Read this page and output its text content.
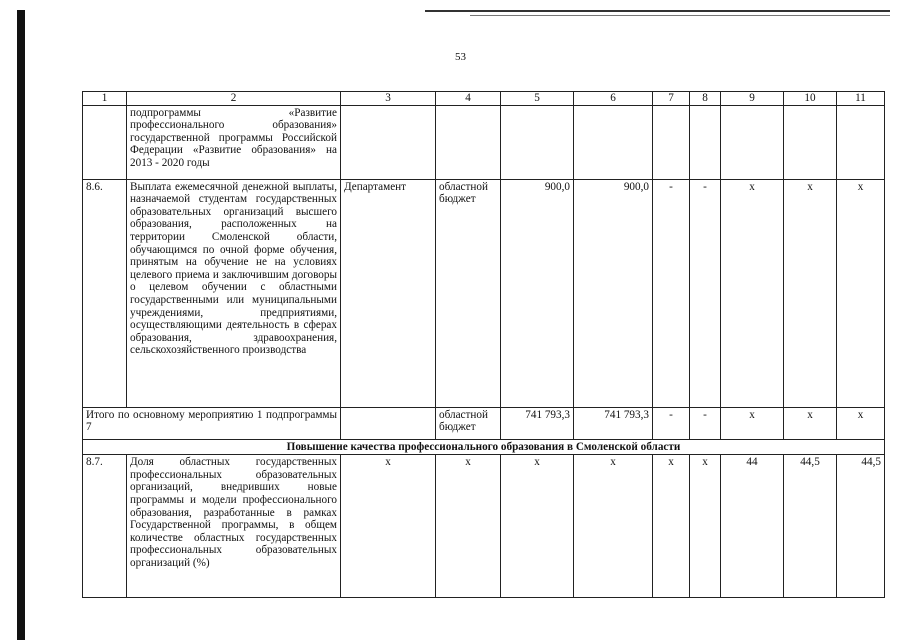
53
1	2	3	4	5	6	7	8	9	10	11
	подпрограммы «Развитие профессионального образования» государственной программы Российской Федерации «Развитие образования» на 2013 - 2020 годы									
8.6.	Выплата ежемесячной денежной выплаты, назначаемой студентам государственных образовательных организаций высшего образования, расположенных на территории Смоленской области, обучающимся по очной форме обучения, принятым на обучение не на условиях целевого приема и заключившим договоры о целевом обучении с областными государственными или муниципальными учреждениями, предприятиями, осуществляющими деятельность в сферах образования, здравоохранения, сельскохозяйственного производства	Департамент	областной бюджет	900,0	900,0	-	-	х	х	х
Итого по основному мероприятию 1 подпрограммы 7			областной бюджет	741 793,3	741 793,3	-	-	х	х	х
Повышение качества профессионального образования в Смоленской области										
8.7.	Доля областных государственных профессиональных образовательных организаций, внедривших новые программы и модели профессионального образования, разработанные в рамках Государственной программы, в общем количестве областных государственных профессиональных образовательных организаций (%)	х	х	х	х	х	х	44	44,5	44,5
